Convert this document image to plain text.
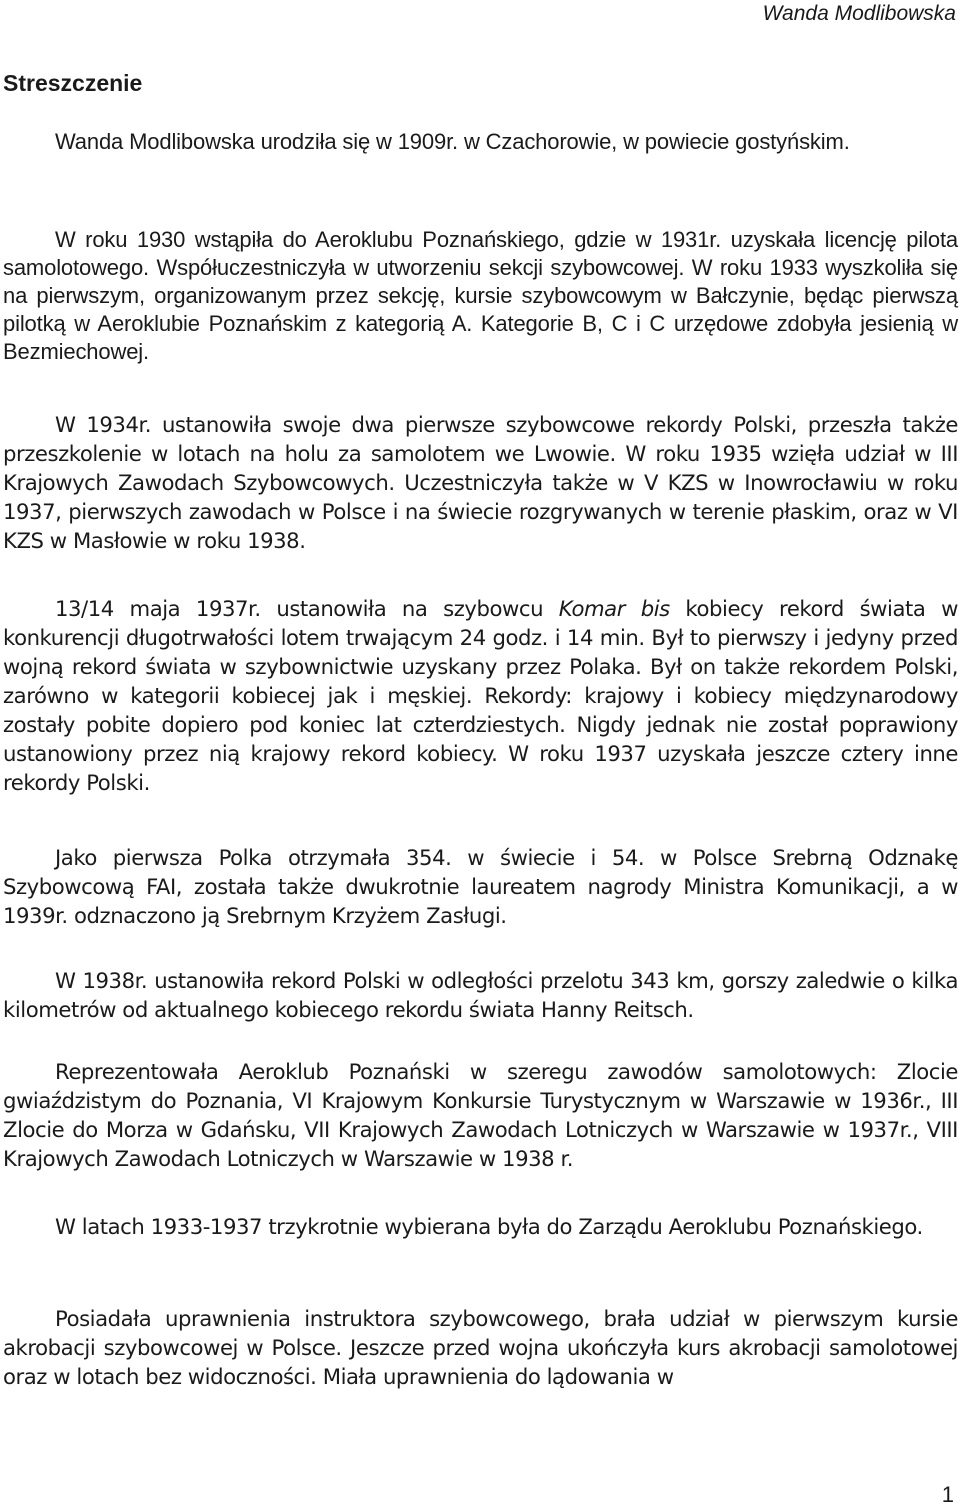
Wanda Modlibowska
Streszczenie

Wanda Modlibowska urodziła się w 1909r. w Czachorowie, w powiecie gostyńskim.

W roku 1930 wstąpiła do Aeroklubu Poznańskiego, gdzie w 1931r. uzyskała licencję pilota samolotowego. Współuczestniczyła w utworzeniu sekcji szybowcowej. W roku 1933 wyszkoliła się na pierwszym, organizowanym przez sekcję, kursie szybowcowym w Bałczynie, będąc pierwszą pilotką w Aeroklubie Poznańskim z kategorią A. Kategorie B, C i C urzędowe zdobyła jesienią w Bezmiechowej.

W 1934r. ustanowiła swoje dwa pierwsze szybowcowe rekordy Polski, przeszła także przeszkolenie w lotach na holu za samolotem we Lwowie. W roku 1935 wzięła udział w III Krajowych Zawodach Szybowcowych. Uczestniczyła także w V KZS w Inowrocławiu w roku 1937, pierwszych zawodach w Polsce i na świecie rozgrywanych w terenie płaskim, oraz w VI KZS w Masłowie w roku 1938.

13/14 maja 1937r. ustanowiła na szybowcu Komar bis kobiecy rekord świata w konkurencji długotrwałości lotem trwającym 24 godz. i 14 min. Był to pierwszy i jedyny przed wojną rekord świata w szybownictwie uzyskany przez Polaka. Był on także rekordem Polski, zarówno w kategorii kobiecej jak i męskiej. Rekordy: krajowy i kobiecy międzynarodowy zostały pobite dopiero pod koniec lat czterdziestych. Nigdy jednak nie został poprawiony ustanowiony przez nią krajowy rekord kobiecy. W roku 1937 uzyskała jeszcze cztery inne rekordy Polski.

Jako pierwsza Polka otrzymała 354. w świecie i 54. w Polsce Srebrną Odznakę Szybowcową FAI, została także dwukrotnie laureatem nagrody Ministra Komunikacji, a w 1939r. odznaczono ją Srebrnym Krzyżem Zasługi.

W 1938r. ustanowiła rekord Polski w odległości przelotu 343 km, gorszy zaledwie o kilka kilometrów od aktualnego kobiecego rekordu świata Hanny Reitsch.

Reprezentowała Aeroklub Poznański w szeregu zawodów samolotowych: Zlocie gwiaździstym do Poznania, VI Krajowym Konkursie Turystycznym w Warszawie w 1936r., III Zlocie do Morza w Gdańsku, VII Krajowych Zawodach Lotniczych w Warszawie w 1937r., VIII Krajowych Zawodach Lotniczych w Warszawie w 1938 r.

W latach 1933-1937 trzykrotnie wybierana była do Zarządu Aeroklubu Poznańskiego.

Posiadała uprawnienia instruktora szybowcowego, brała udział w pierwszym kursie akrobacji szybowcowej w Polsce. Jeszcze przed wojna ukończyła kurs akrobacji samolotowej oraz w lotach bez widoczności. Miała uprawnienia do lądowania w

1
